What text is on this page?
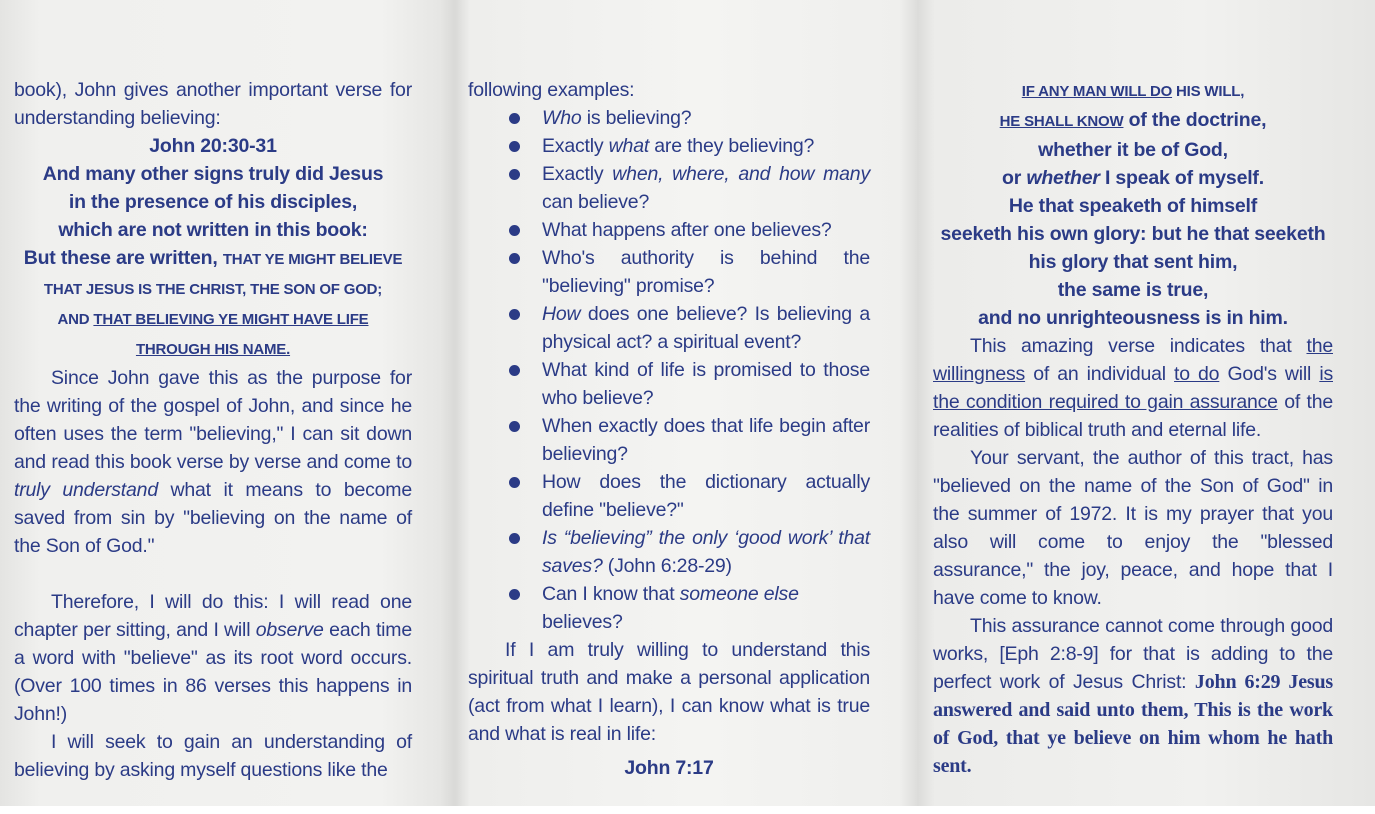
book), John gives another important verse for understanding believing:

John 20:30-31

And many other signs truly did Jesus

in the presence of his disciples,

which are not written in this book:

But these are written, THAT YE MIGHT BELIEVE

THAT JESUS IS THE CHRIST, THE SON OF GOD;

AND THAT BELIEVING YE MIGHT HAVE LIFE

THROUGH HIS NAME.

Since John gave this as the purpose for the writing of the gospel of John, and since he often uses the term "believing," I can sit down and read this book verse by verse and come to truly understand what it means to become saved from sin by "believing on the name of the Son of God."

Therefore, I will do this: I will read one chapter per sitting, and I will observe each time a word with "believe" as its root word occurs. (Over 100 times in 86 verses this happens in John!)

I will seek to gain an understanding of believing by asking myself questions like the

following examples:

Who is believing?
Exactly what are they believing?
Exactly when, where, and how many can believe?
What happens after one believes?
Who's authority is behind the "believing" promise?
How does one believe? Is believing a physical act? a spiritual event?
What kind of life is promised to those who believe?
When exactly does that life begin after believing?
How does the dictionary actually define "believe?"
Is “believing” the only ‘good work’ that saves? (John 6:28-29)
Can I know that someone else believes?

If I am truly willing to understand this spiritual truth and make a personal application (act from what I learn), I can know what is true and what is real in life:

John 7:17

IF ANY MAN WILL DO HIS WILL,

HE SHALL KNOW of the doctrine,

whether it be of God,

or whether I speak of myself.

He that speaketh of himself

seeketh his own glory: but he that seeketh

his glory that sent him,

the same is true,

and no unrighteousness is in him.

This amazing verse indicates that the willingness of an individual to do God's will is the condition required to gain assurance of the realities of biblical truth and eternal life.

Your servant, the author of this tract, has "believed on the name of the Son of God" in the summer of 1972. It is my prayer that you also will come to enjoy the "blessed assurance," the joy, peace, and hope that I have come to know.

This assurance cannot come through good works, [Eph 2:8-9] for that is adding to the perfect work of Jesus Christ: John 6:29 Jesus answered and said unto them, This is the work of God, that ye believe on him whom he hath sent.
